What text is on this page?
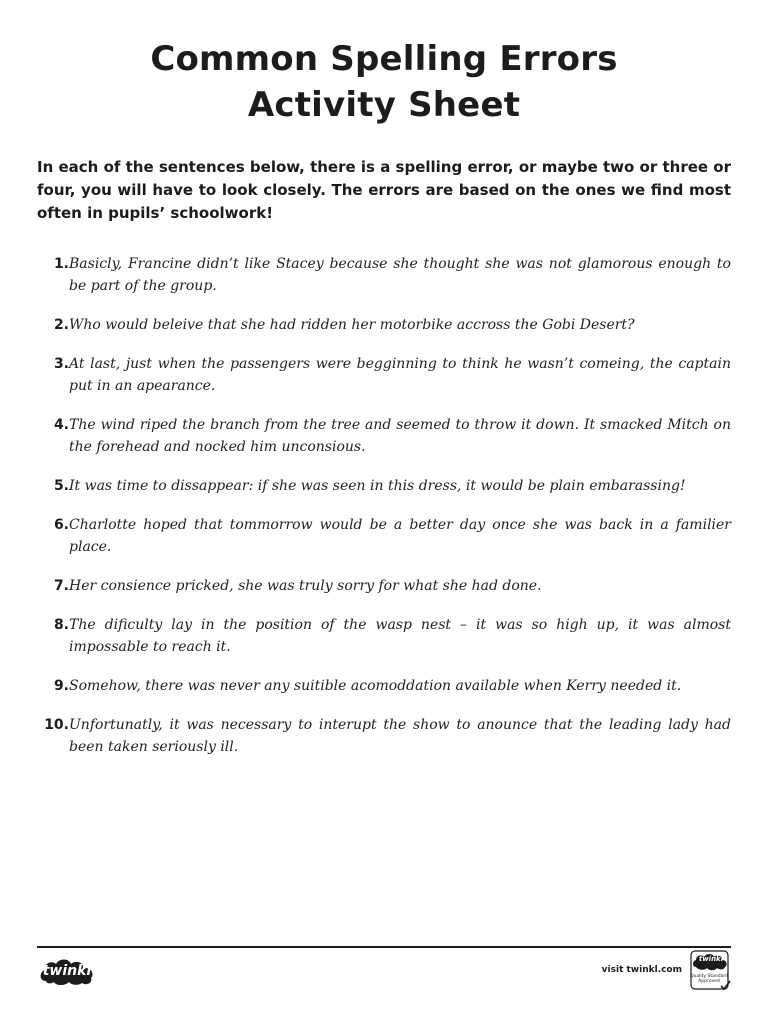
Common Spelling Errors
Activity Sheet
In each of the sentences below, there is a spelling error, or maybe two or three or four, you will have to look closely. The errors are based on the ones we find most often in pupils’ schoolwork!
1. Basicly, Francine didn’t like Stacey because she thought she was not glamorous enough to be part of the group.
2. Who would beleive that she had ridden her motorbike accross the Gobi Desert?
3. At last, just when the passengers were begginning to think he wasn’t comeing, the captain put in an apearance.
4. The wind riped the branch from the tree and seemed to throw it down. It smacked Mitch on the forehead and nocked him unconsious.
5. It was time to dissappear: if she was seen in this dress, it would be plain embarassing!
6. Charlotte hoped that tommorrow would be a better day once she was back in a familier place.
7. Her consience pricked, she was truly sorry for what she had done.
8. The dificulty lay in the position of the wasp nest – it was so high up, it was almost impossable to reach it.
9. Somehow, there was never any suitible acomoddation available when Kerry needed it.
10. Unfortunatly, it was necessary to interupt the show to anounce that the leading lady had been taken seriously ill.
twinkl	visit twinkl.com
twinkl
Quality Standard
Approved
